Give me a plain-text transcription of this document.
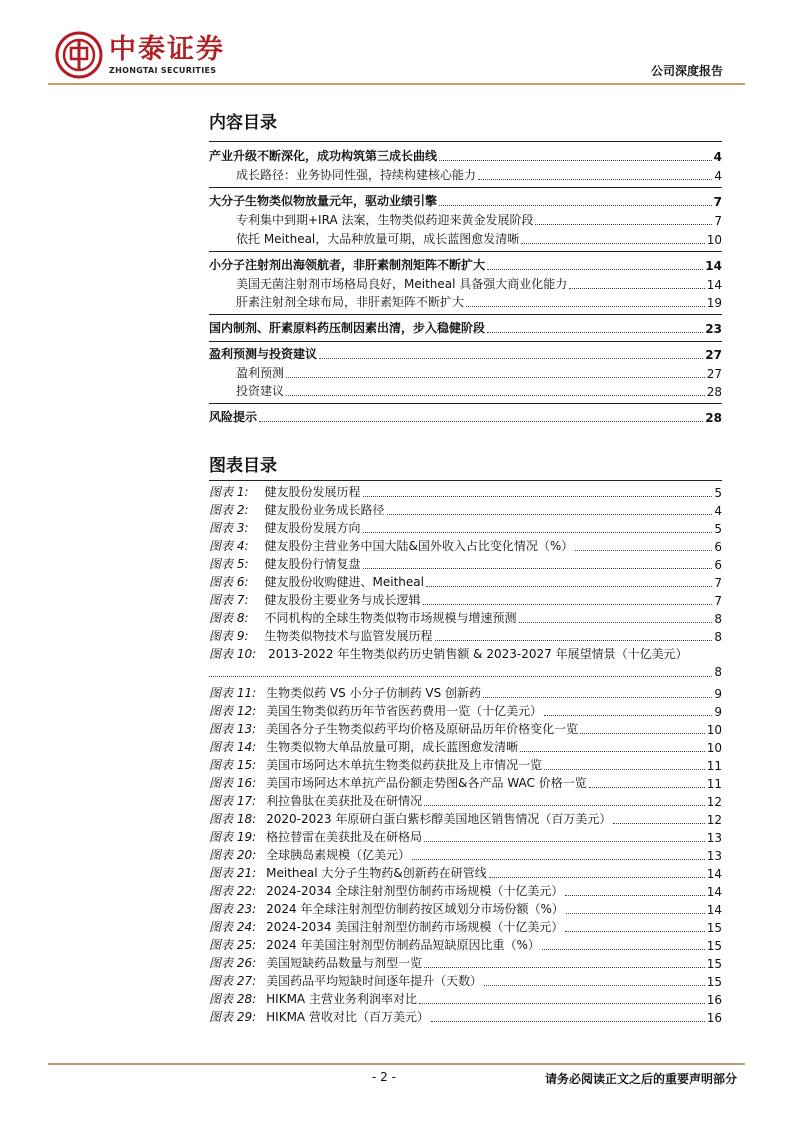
中泰证券
ZHONGTAI SECURITIES	公司深度报告
内容目录
产业升级不断深化，成功构筑第三成长曲线	4
成长路径：业务协同性强，持续构建核心能力	4
大分子生物类似物放量元年，驱动业绩引擎	7
专利集中到期+IRA 法案，生物类似药迎来黄金发展阶段	7
依托 Meitheal，大品种放量可期，成长蓝图愈发清晰	10
小分子注射剂出海领航者，非肝素制剂矩阵不断扩大	14
美国无菌注射剂市场格局良好，Meitheal 具备强大商业化能力	14
肝素注射剂全球布局，非肝素矩阵不断扩大	19
国内制剂、肝素原料药压制因素出清，步入稳健阶段	23
盈利预测与投资建议	27
盈利预测	27
投资建议	28
风险提示	28
图表目录
图表 1: 健友股份发展历程	5
图表 2: 健友股份业务成长路径	4
图表 3: 健友股份发展方向	5
图表 4: 健友股份主营业务中国大陆&国外收入占比变化情况（%）	6
图表 5: 健友股份行情复盘	6
图表 6: 健友股份收购健进、Meitheal	7
图表 7: 健友股份主要业务与成长逻辑	7
图表 8: 不同机构的全球生物类似物市场规模与增速预测	8
图表 9: 生物类似物技术与监管发展历程	8
图表 10: 2013-2022 年生物类似药历史销售额 & 2023-2027 年展望情景（十亿美元）
8
图表 11: 生物类似药 VS 小分子仿制药 VS 创新药	9
图表 12: 美国生物类似药历年节省医药费用一览（十亿美元）	9
图表 13: 美国各分子生物类似药平均价格及原研品历年价格变化一览	10
图表 14: 生物类似物大单品放量可期，成长蓝图愈发清晰	10
图表 15: 美国市场阿达木单抗生物类似药获批及上市情况一览	11
图表 16: 美国市场阿达木单抗产品份额走势图&各产品 WAC 价格一览	11
图表 17: 利拉鲁肽在美获批及在研情况	12
图表 18: 2020-2023 年原研白蛋白紫杉醇美国地区销售情况（百万美元）	12
图表 19: 格拉替雷在美获批及在研格局	13
图表 20: 全球胰岛素规模（亿美元）	13
图表 21: Meitheal 大分子生物药&创新药在研管线	14
图表 22: 2024-2034 全球注射剂型仿制药市场规模（十亿美元）	14
图表 23: 2024 年全球注射剂型仿制药按区域划分市场份额（%）	14
图表 24: 2024-2034 美国注射剂型仿制药市场规模（十亿美元）	15
图表 25: 2024 年美国注射剂型仿制药品短缺原因比重（%）	15
图表 26: 美国短缺药品数量与剂型一览	15
图表 27: 美国药品平均短缺时间逐年提升（天数）	15
图表 28: HIKMA 主营业务利润率对比	16
图表 29: HIKMA 营收对比（百万美元）	16
- 2 -	请务必阅读正文之后的重要声明部分
